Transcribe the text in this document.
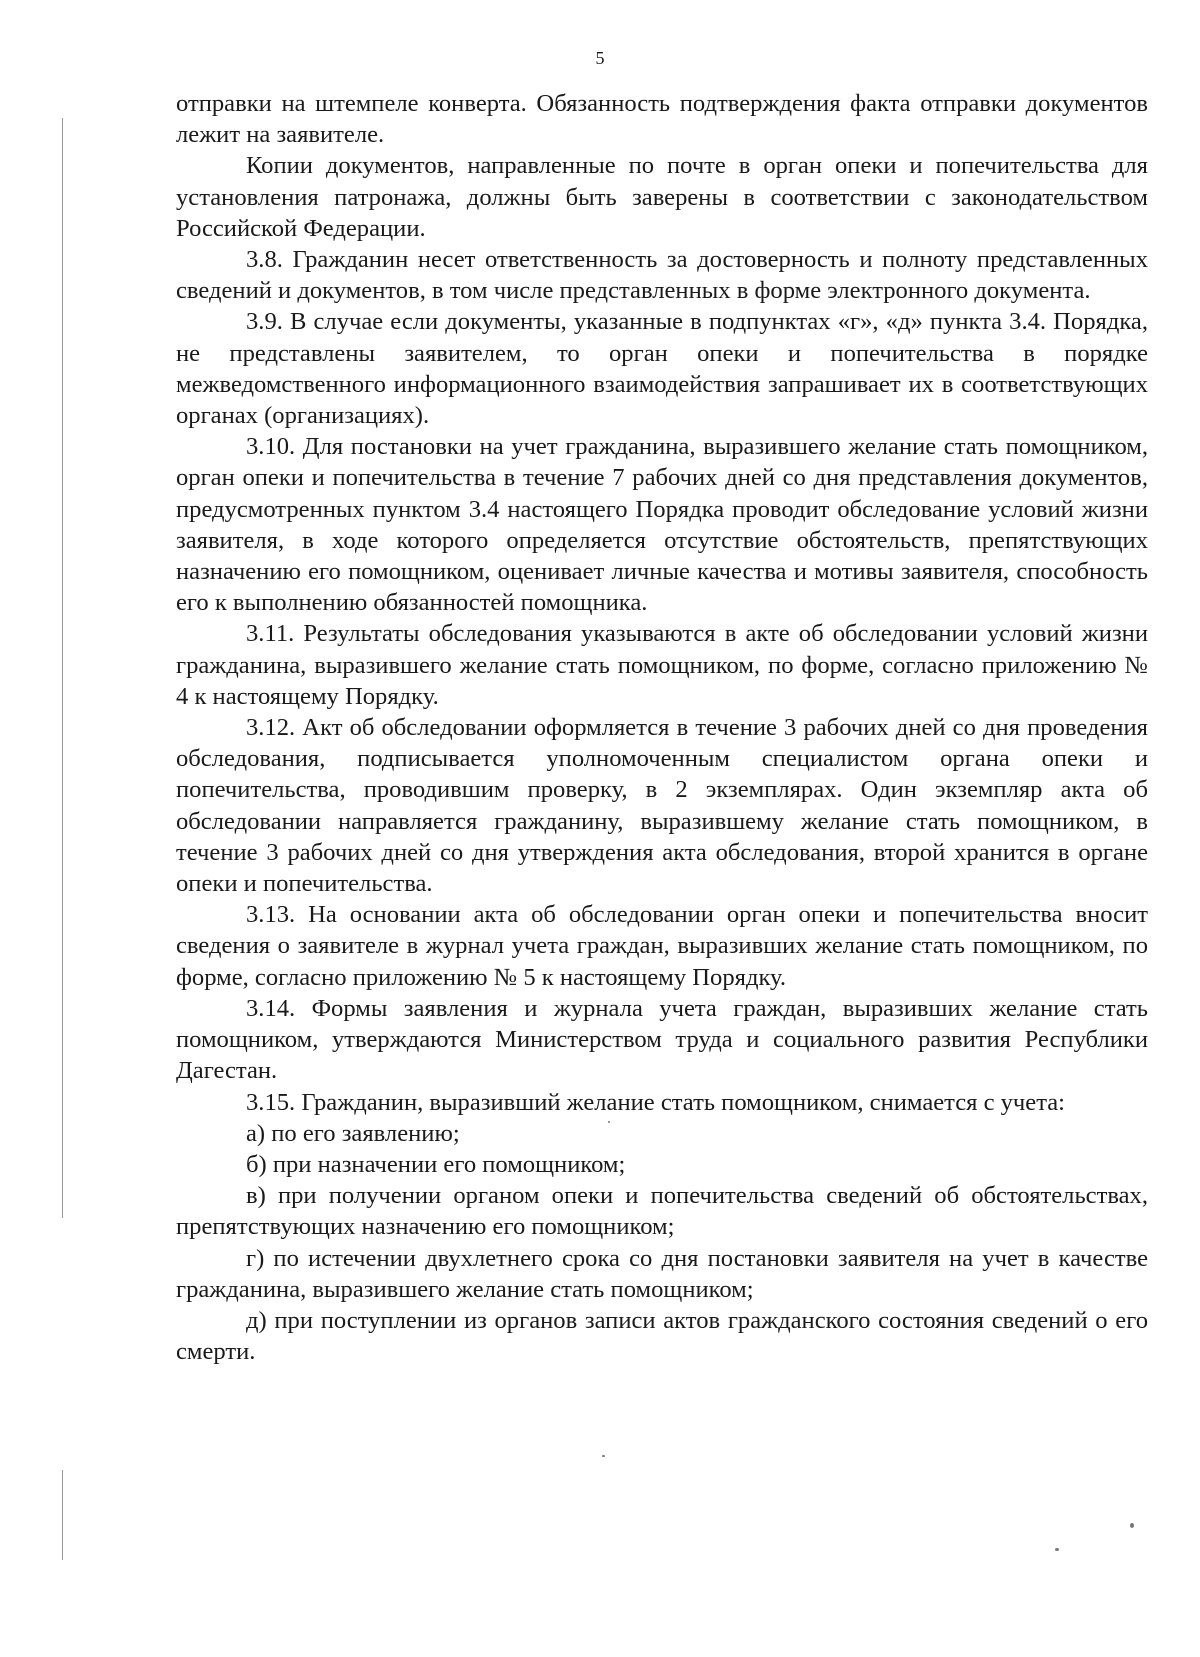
5

отправки на штемпеле конверта. Обязанность подтверждения факта отправки документов лежит на заявителе.

Копии документов, направленные по почте в орган опеки и попечительства для установления патронажа, должны быть заверены в соответствии с законодательством Российской Федерации.

3.8. Гражданин несет ответственность за достоверность и полноту представленных сведений и документов, в том числе представленных в форме электронного документа.

3.9. В случае если документы, указанные в подпунктах «г», «д» пункта 3.4. Порядка, не представлены заявителем, то орган опеки и попечительства в порядке межведомственного информационного взаимодействия запрашивает их в соответствующих органах (организациях).

3.10. Для постановки на учет гражданина, выразившего желание стать помощником, орган опеки и попечительства в течение 7 рабочих дней со дня представления документов, предусмотренных пунктом 3.4 настоящего Порядка проводит обследование условий жизни заявителя, в ходе которого определяется отсутствие обстоятельств, препятствующих назначению его помощником, оценивает личные качества и мотивы заявителя, способность его к выполнению обязанностей помощника.

3.11. Результаты обследования указываются в акте об обследовании условий жизни гражданина, выразившего желание стать помощником, по форме, согласно приложению № 4 к настоящему Порядку.

3.12. Акт об обследовании оформляется в течение 3 рабочих дней со дня проведения обследования, подписывается уполномоченным специалистом органа опеки и попечительства, проводившим проверку, в 2 экземплярах. Один экземпляр акта об обследовании направляется гражданину, выразившему желание стать помощником, в течение 3 рабочих дней со дня утверждения акта обследования, второй хранится в органе опеки и попечительства.

3.13. На основании акта об обследовании орган опеки и попечительства вносит сведения о заявителе в журнал учета граждан, выразивших желание стать помощником, по форме, согласно приложению № 5 к настоящему Порядку.

3.14. Формы заявления и журнала учета граждан, выразивших желание стать помощником, утверждаются Министерством труда и социального развития Республики Дагестан.

3.15. Гражданин, выразивший желание стать помощником, снимается с учета:

а) по его заявлению;

б) при назначении его помощником;

в) при получении органом опеки и попечительства сведений об обстоятельствах, препятствующих назначению его помощником;

г) по истечении двухлетнего срока со дня постановки заявителя на учет в качестве гражданина, выразившего желание стать помощником;

д) при поступлении из органов записи актов гражданского состояния сведений о его смерти.
